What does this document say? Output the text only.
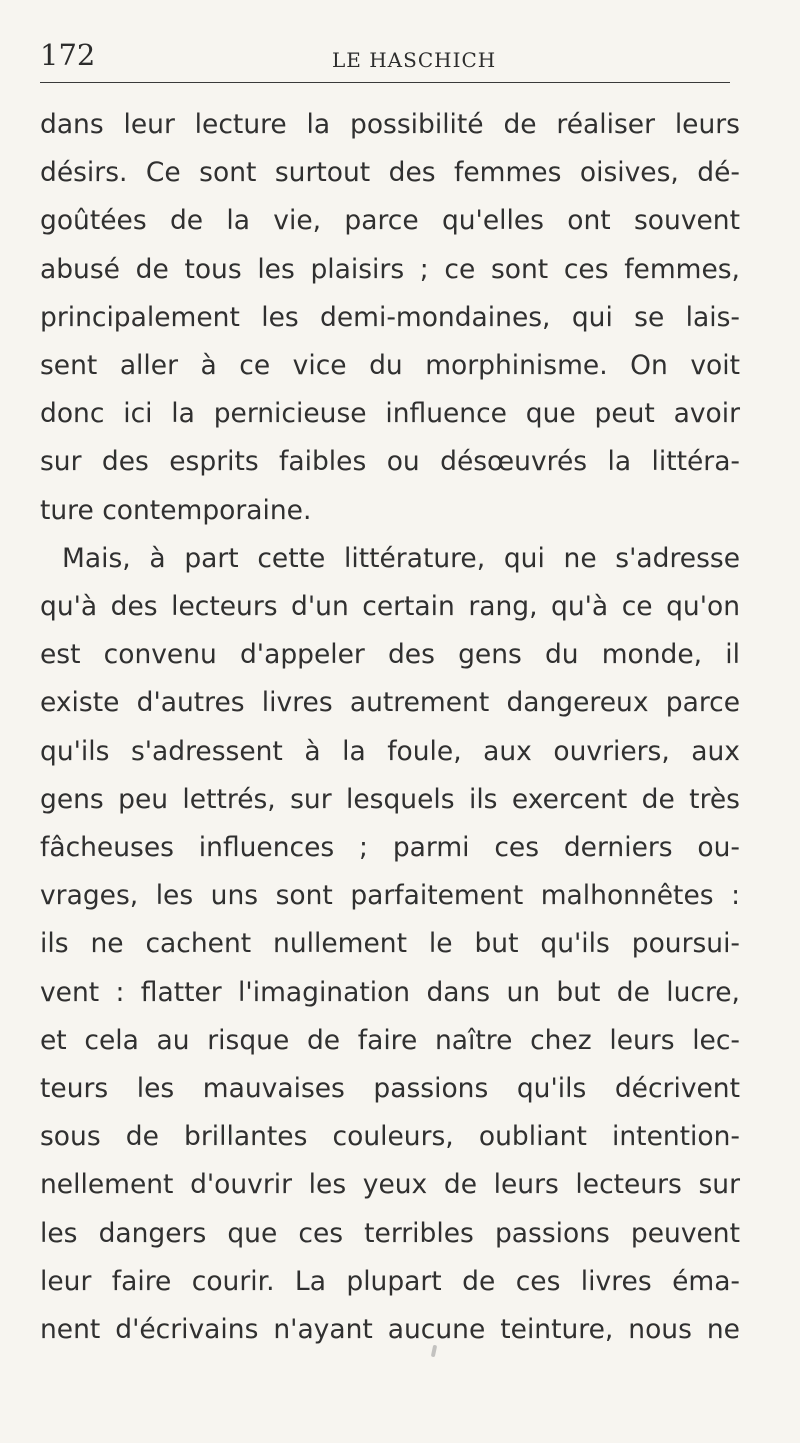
172	LE HASCHICH
dans leur lecture la possibilité de réaliser leurs
désirs. Ce sont surtout des femmes oisives, dé-
goûtées de la vie, parce qu'elles ont souvent
abusé de tous les plaisirs ; ce sont ces femmes,
principalement les demi-mondaines, qui se lais-
sent aller à ce vice du morphinisme. On voit
donc ici la pernicieuse influence que peut avoir
sur des esprits faibles ou désœuvrés la littéra-
ture contemporaine.
Mais, à part cette littérature, qui ne s'adresse
qu'à des lecteurs d'un certain rang, qu'à ce qu'on
est convenu d'appeler des gens du monde, il
existe d'autres livres autrement dangereux parce
qu'ils s'adressent à la foule, aux ouvriers, aux
gens peu lettrés, sur lesquels ils exercent de très
fâcheuses influences ; parmi ces derniers ou-
vrages, les uns sont parfaitement malhonnêtes :
ils ne cachent nullement le but qu'ils poursui-
vent : flatter l'imagination dans un but de lucre,
et cela au risque de faire naître chez leurs lec-
teurs les mauvaises passions qu'ils décrivent
sous de brillantes couleurs, oubliant intention-
nellement d'ouvrir les yeux de leurs lecteurs sur
les dangers que ces terribles passions peuvent
leur faire courir. La plupart de ces livres éma-
nent d'écrivains n'ayant aucune teinture, nous ne
